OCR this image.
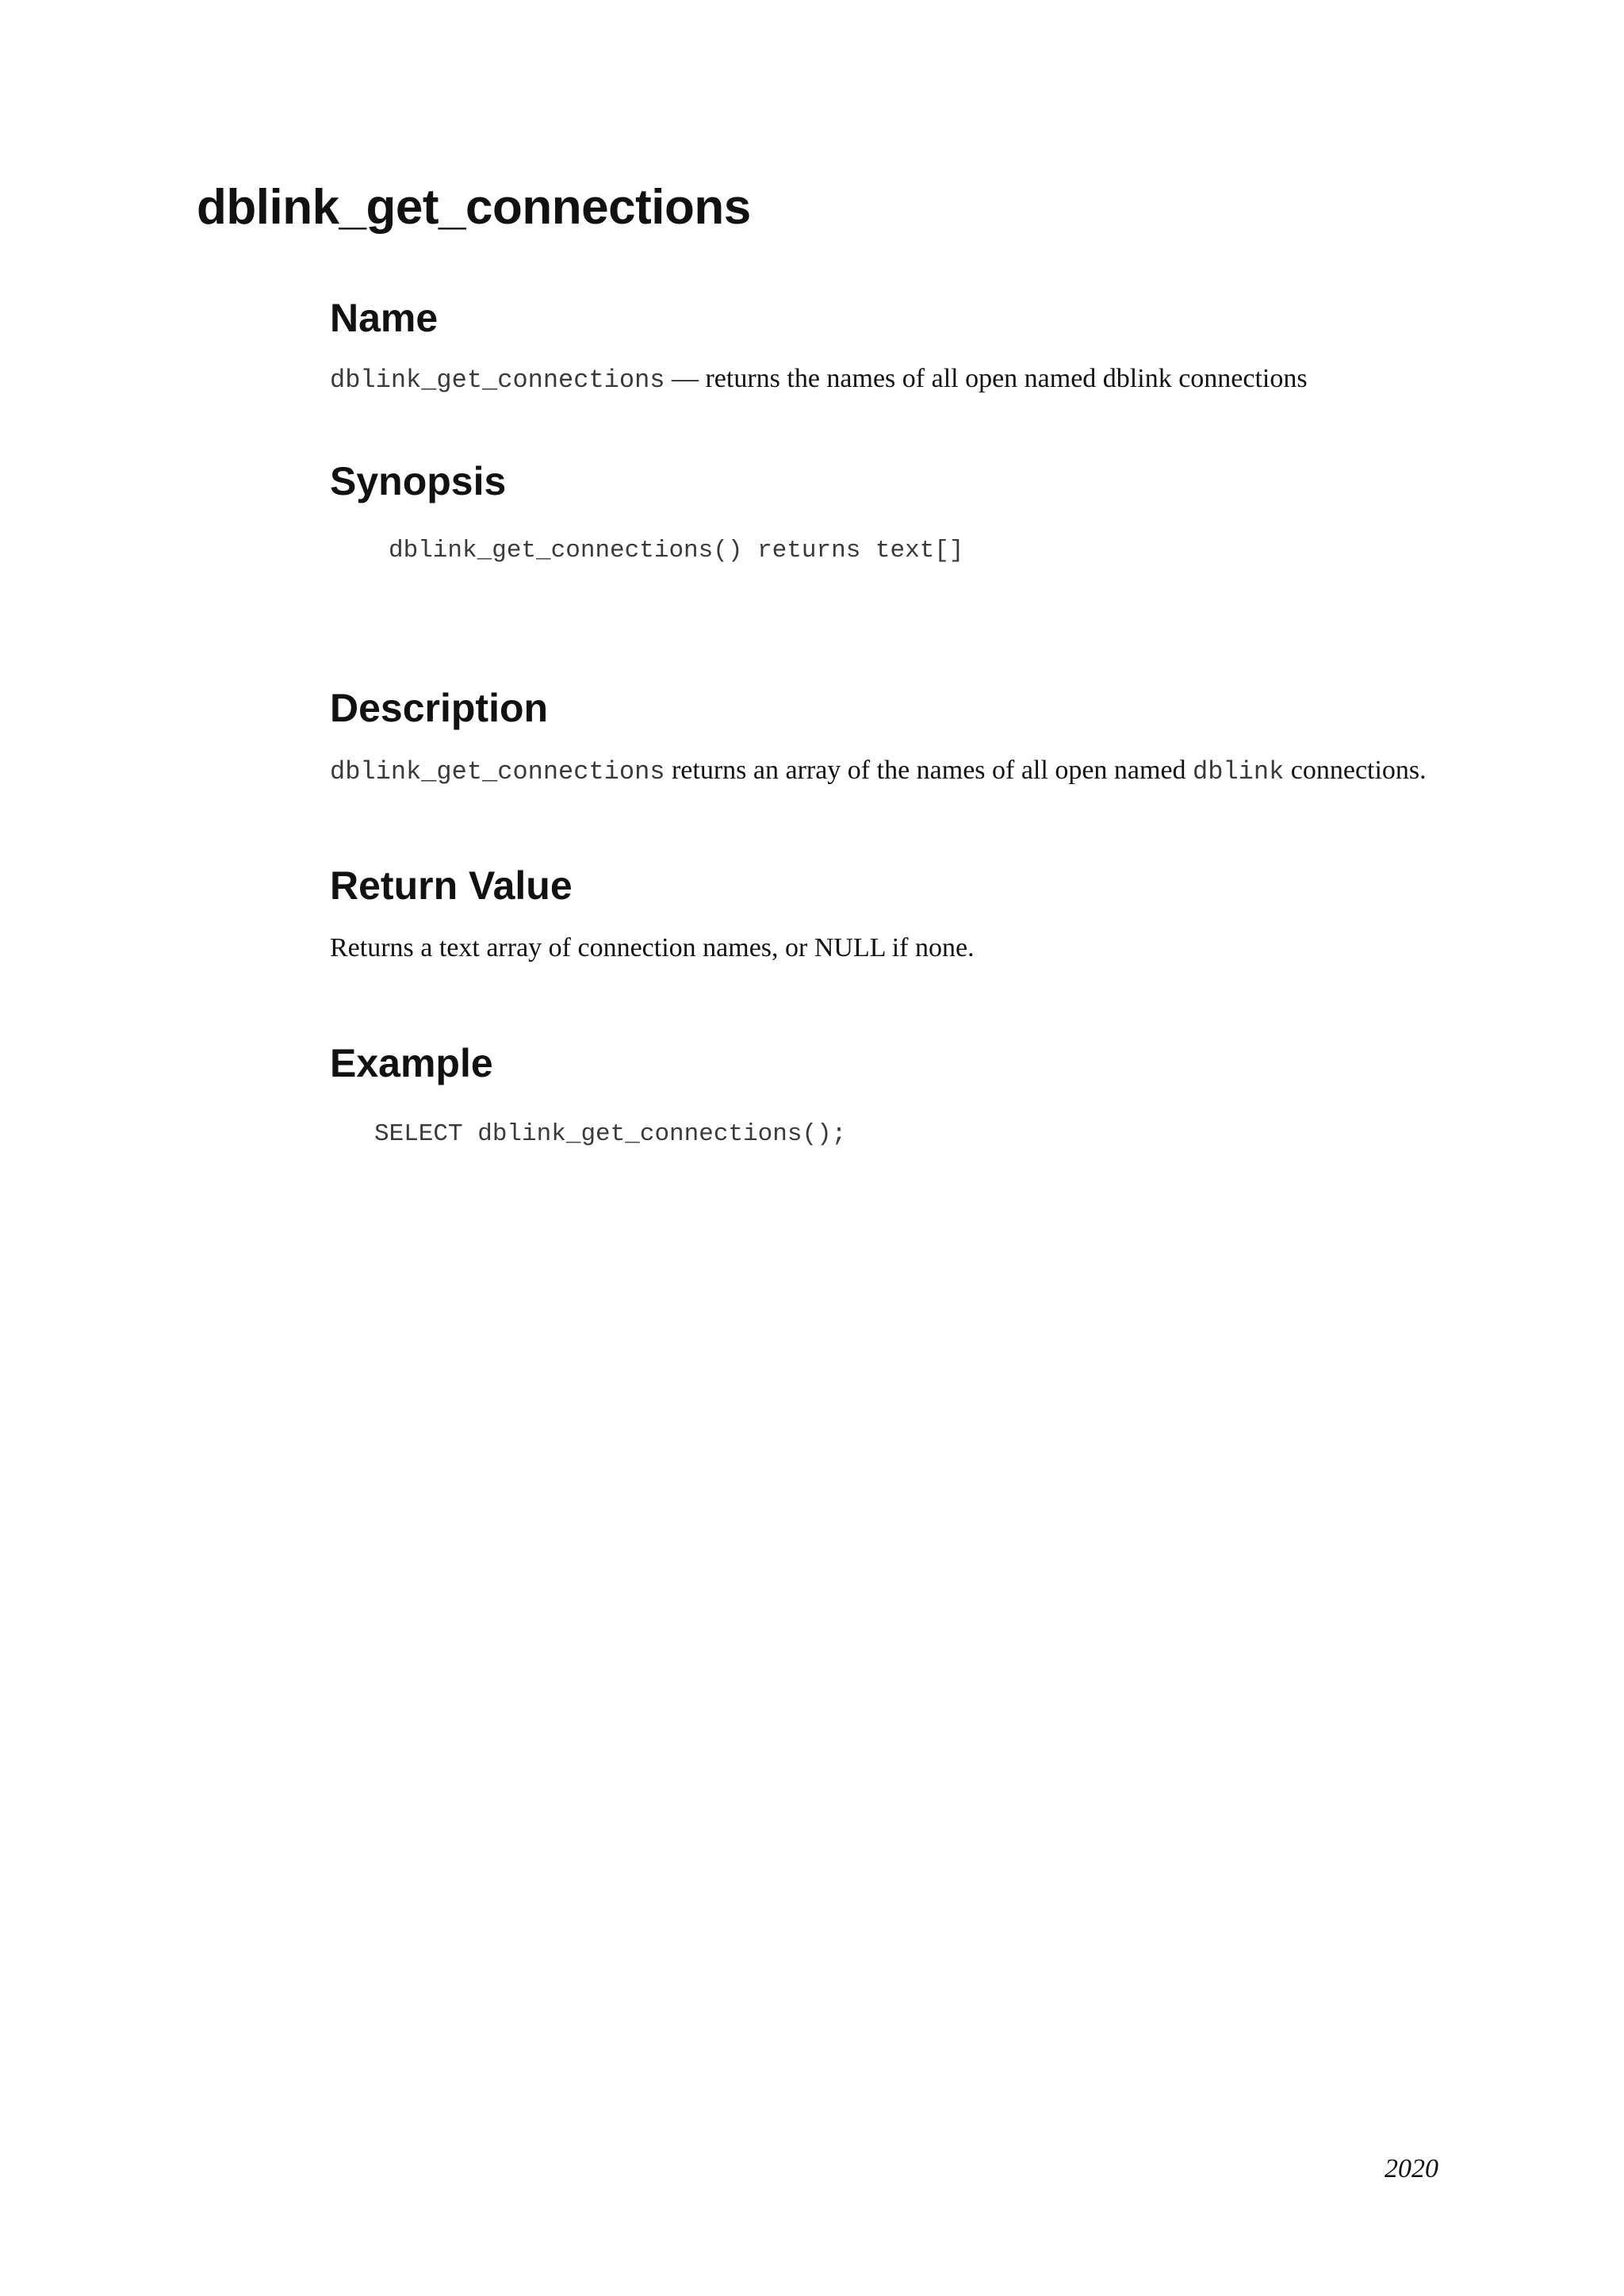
dblink_get_connections
Name

dblink_get_connections — returns the names of all open named dblink connections

Synopsis
dblink_get_connections() returns text[]
Description

dblink_get_connections returns an array of the names of all open named dblink connections.

Return Value

Returns a text array of connection names, or NULL if none.

Example
SELECT dblink_get_connections();

2020
